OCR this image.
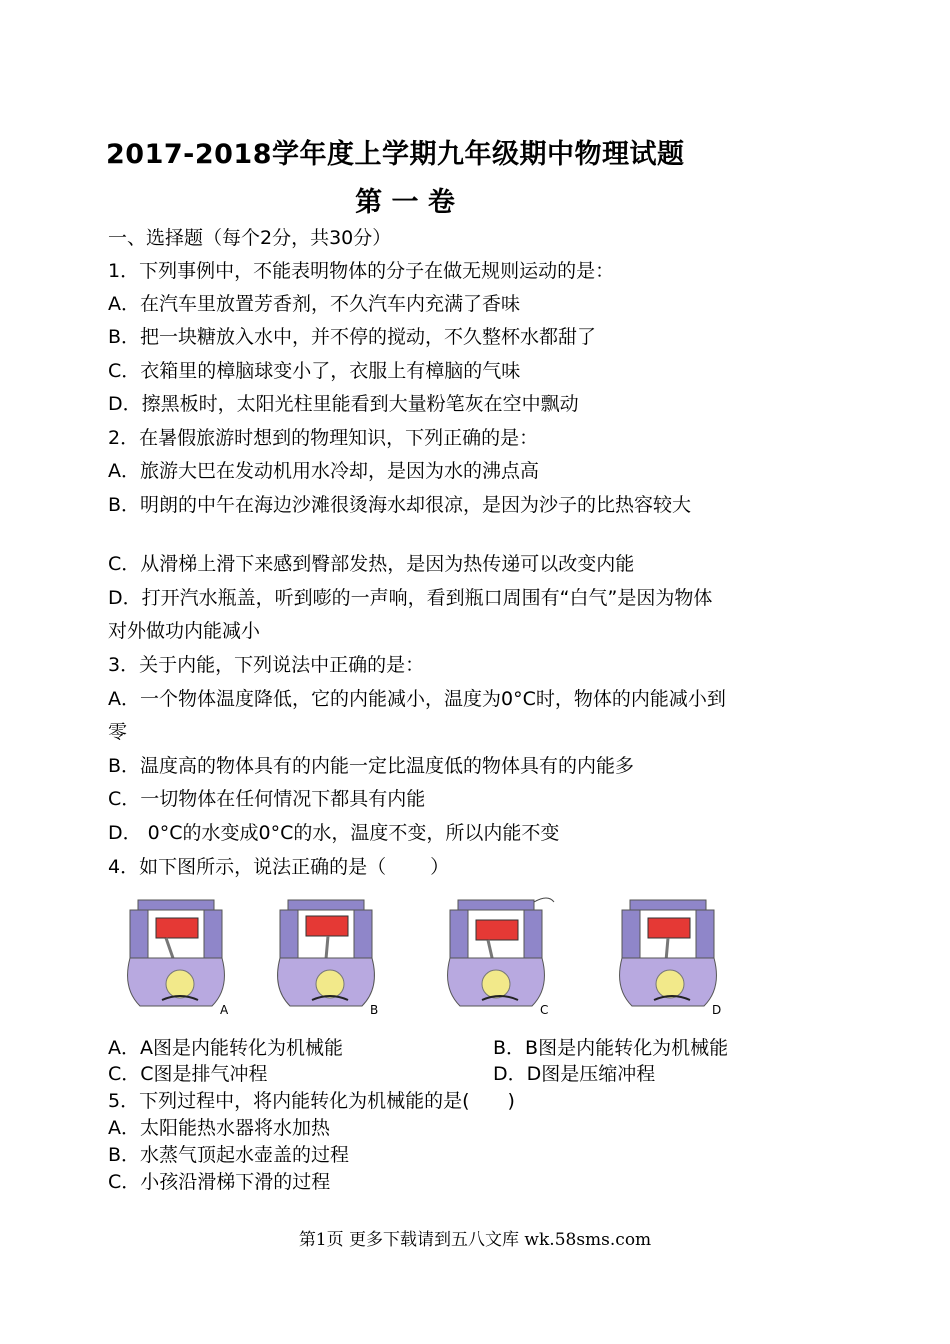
2017-2018学年度上学期九年级期中物理试题
第 一 卷
一、选择题（每个2分，共30分）
1．下列事例中，不能表明物体的分子在做无规则运动的是：
A．在汽车里放置芳香剂，不久汽车内充满了香味
B．把一块糖放入水中，并不停的搅动，不久整杯水都甜了
C．衣箱里的樟脑球变小了，衣服上有樟脑的气味
D．擦黑板时，太阳光柱里能看到大量粉笔灰在空中飘动
2．在暑假旅游时想到的物理知识，下列正确的是：
A．旅游大巴在发动机用水冷却，是因为水的沸点高
B．明朗的中午在海边沙滩很烫海水却很凉，是因为沙子的比热容较大
C．从滑梯上滑下来感到臀部发热，是因为热传递可以改变内能
D．打开汽水瓶盖，听到嘭的一声响，看到瓶口周围有“白气”是因为物体
对外做功内能减小
3．关于内能，下列说法中正确的是：
A．一个物体温度降低，它的内能减小，温度为0°C时，物体的内能减小到
零
B．温度高的物体具有的内能一定比温度低的物体具有的内能多
C．一切物体在任何情况下都具有内能
D． 0°C的水变成0°C的水，温度不变，所以内能不变
4．如下图所示，说法正确的是（　　 ）
A	B	C	D
A．A图是内能转化为机械能	B．B图是内能转化为机械能
C．C图是排气冲程	D．D图是压缩冲程
5．下列过程中，将内能转化为机械能的是(　　)
A．太阳能热水器将水加热
B．水蒸气顶起水壶盖的过程
C．小孩沿滑梯下滑的过程
第1页 更多下载请到五八文库 wk.58sms.com
